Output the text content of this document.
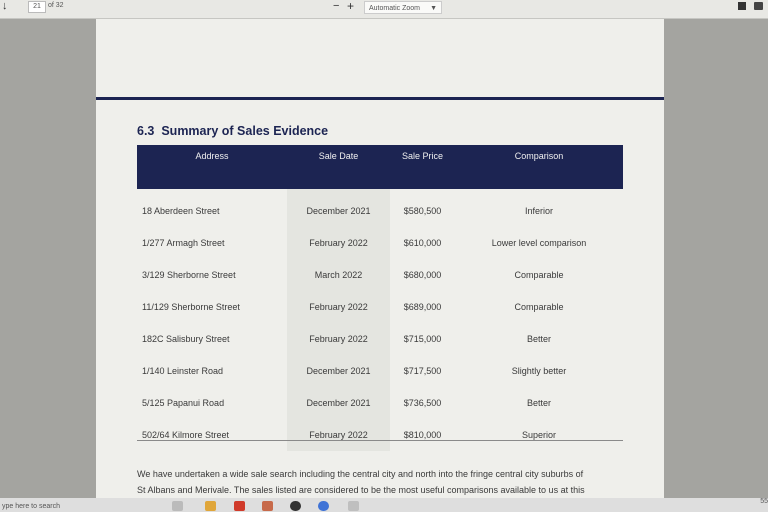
↓	21	of 32	− +	Automatic Zoom ▼
6.3 Summary of Sales Evidence
Address	Sale Date	Sale Price	Comparison
18 Aberdeen Street	December 2021	$580,500	Inferior
1/277 Armagh Street	February 2022	$610,000	Lower level comparison
3/129 Sherborne Street	March 2022	$680,000	Comparable
11/129 Sherborne Street	February 2022	$689,000	Comparable
182C Salisbury Street	February 2022	$715,000	Better
1/140 Leinster Road	December 2021	$717,500	Slightly better
5/125 Papanui Road	December 2021	$736,500	Better
502/64 Kilmore Street	February 2022	$810,000	Superior
We have undertaken a wide sale search including the central city and north into the fringe central city suburbs of
St Albans and Merivale. The sales listed are considered to be the most useful comparisons available to us at this
ype here to search
55
